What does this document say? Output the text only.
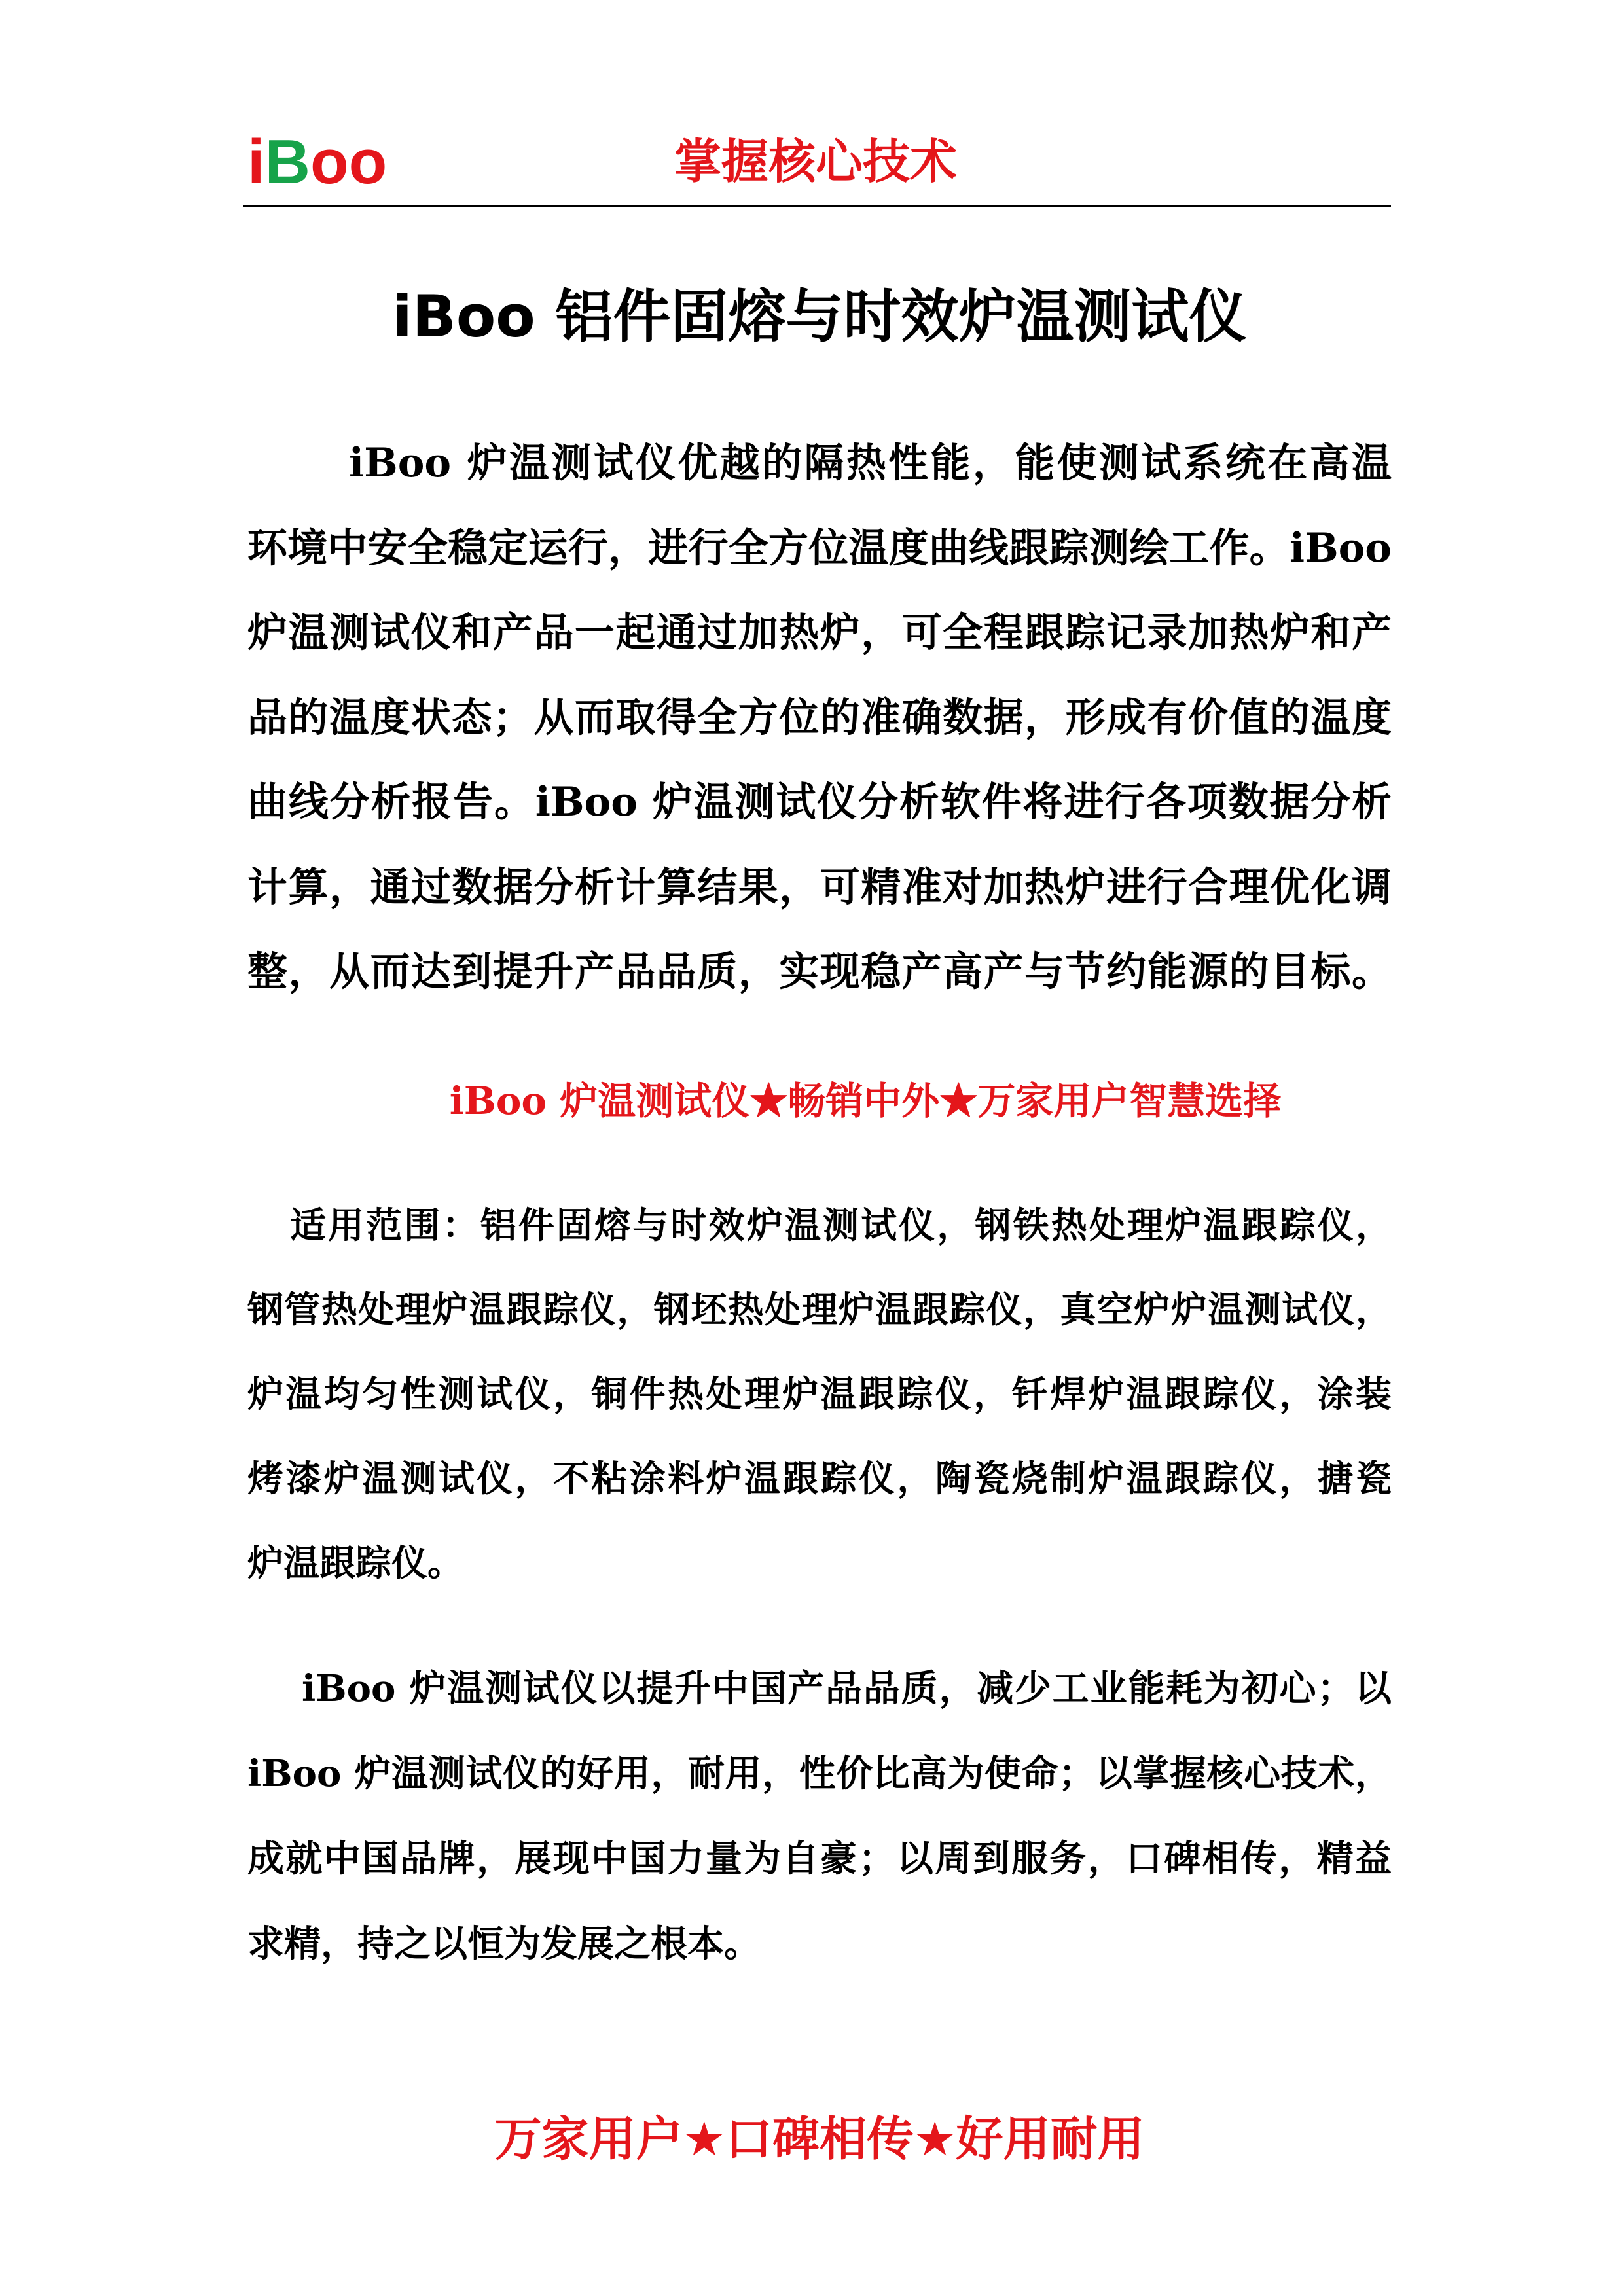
iBoo	掌握核心技术
iBoo 铝件固熔与时效炉温测试仪
iBoo 炉温测试仪优越的隔热性能，能使测试系统在高温
环境中安全稳定运行，进行全方位温度曲线跟踪测绘工作。iBoo
炉温测试仪和产品一起通过加热炉，可全程跟踪记录加热炉和产
品的温度状态；从而取得全方位的准确数据，形成有价值的温度
曲线分析报告。iBoo 炉温测试仪分析软件将进行各项数据分析
计算，通过数据分析计算结果，可精准对加热炉进行合理优化调
整，从而达到提升产品品质，实现稳产高产与节约能源的目标。
iBoo 炉温测试仪★畅销中外★万家用户智慧选择
适用范围：铝件固熔与时效炉温测试仪，钢铁热处理炉温跟踪仪，
钢管热处理炉温跟踪仪，钢坯热处理炉温跟踪仪，真空炉炉温测试仪，
炉温均匀性测试仪，铜件热处理炉温跟踪仪，钎焊炉温跟踪仪，涂装
烤漆炉温测试仪，不粘涂料炉温跟踪仪，陶瓷烧制炉温跟踪仪，搪瓷
炉温跟踪仪。
iBoo 炉温测试仪以提升中国产品品质，减少工业能耗为初心；以
iBoo 炉温测试仪的好用，耐用，性价比高为使命；以掌握核心技术，
成就中国品牌，展现中国力量为自豪；以周到服务，口碑相传，精益
求精，持之以恒为发展之根本。
万家用户★口碑相传★好用耐用
